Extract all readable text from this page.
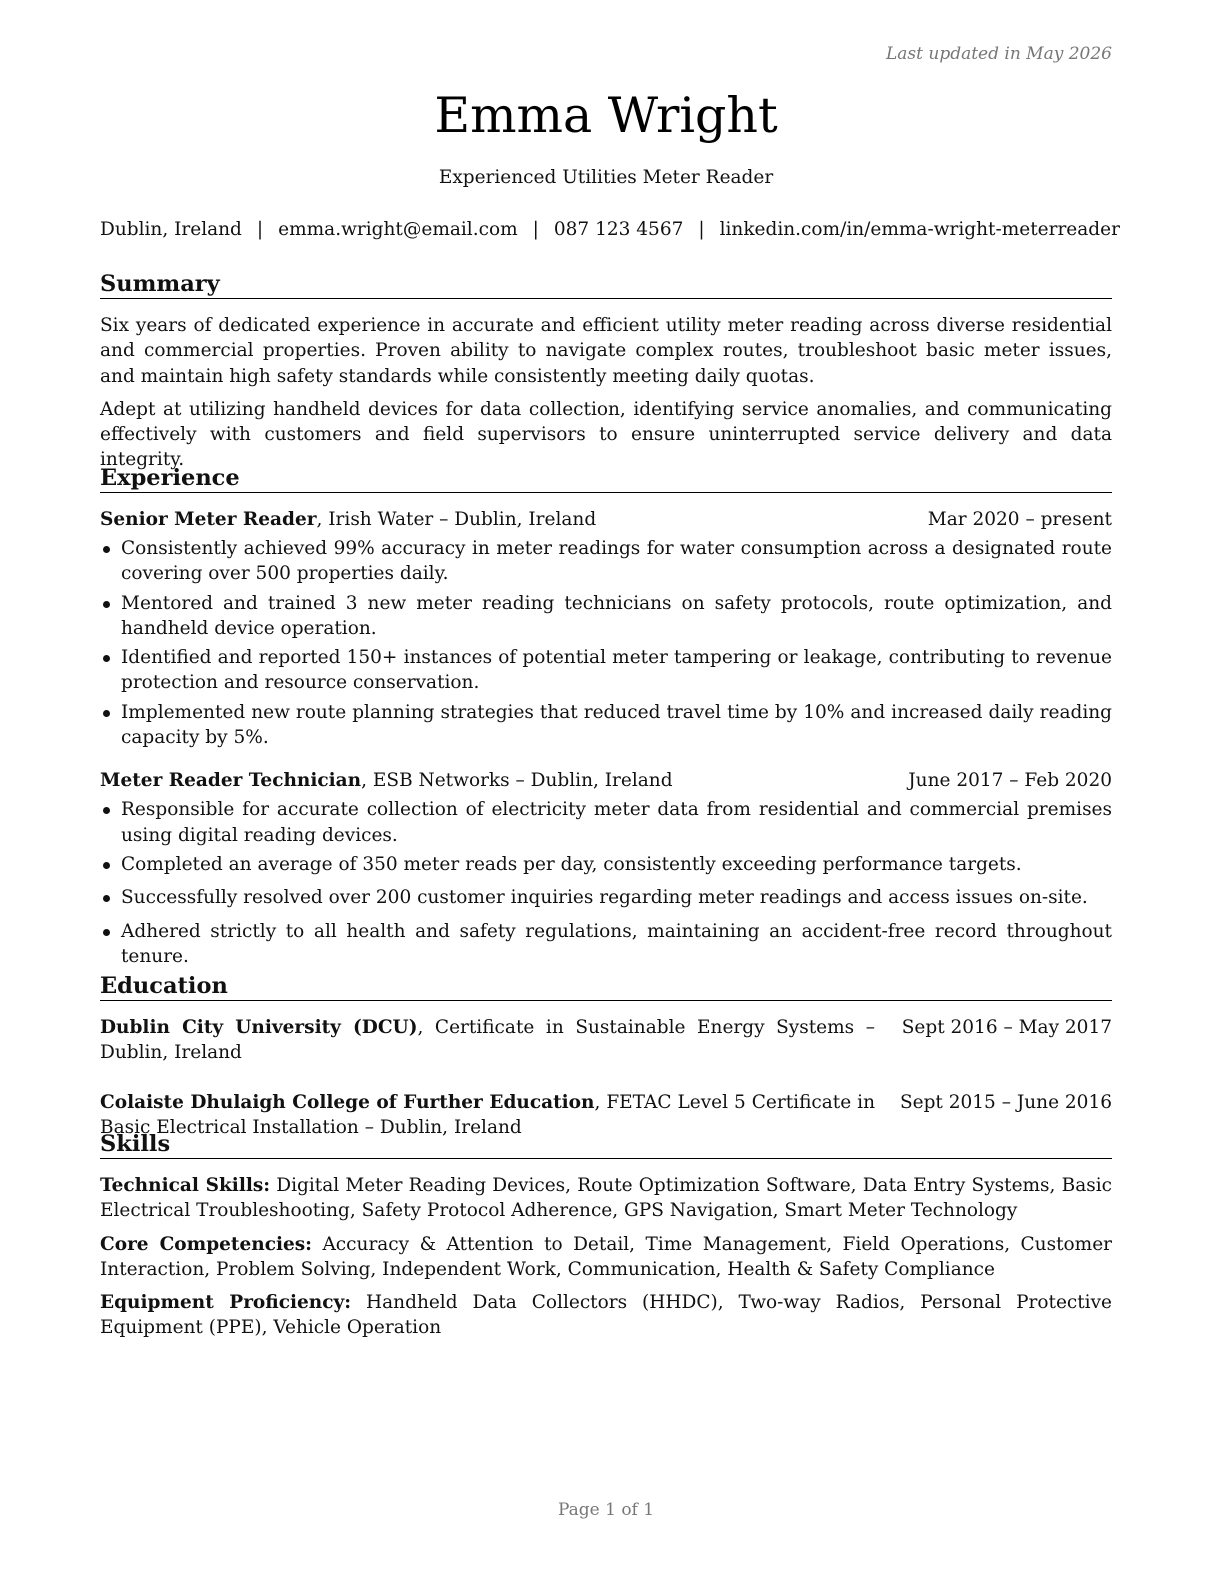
Last updated in May 2026
Emma Wright
Experienced Utilities Meter Reader
Dublin, Ireland | emma.wright@email.com | 087 123 4567 | linkedin.com/in/emma-wright-meterreader
Summary

Six years of dedicated experience in accurate and efficient utility meter reading across diverse residential and commercial properties. Proven ability to navigate complex routes, troubleshoot basic meter issues, and maintain high safety standards while consistently meeting daily quotas.

Adept at utilizing handheld devices for data collection, identifying service anomalies, and communicating effectively with customers and field supervisors to ensure uninterrupted service delivery and data integrity.

Experience
Senior Meter Reader, Irish Water – Dublin, Ireland	Mar 2020 – present
Consistently achieved 99% accuracy in meter readings for water consumption across a designated route covering over 500 properties daily.
Mentored and trained 3 new meter reading technicians on safety protocols, route optimization, and handheld device operation.
Identified and reported 150+ instances of potential meter tampering or leakage, contributing to revenue protection and resource conservation.
Implemented new route planning strategies that reduced travel time by 10% and increased daily reading capacity by 5%.
Meter Reader Technician, ESB Networks – Dublin, Ireland	June 2017 – Feb 2020
Responsible for accurate collection of electricity meter data from residential and commercial premises using digital reading devices.
Completed an average of 350 meter reads per day, consistently exceeding performance targets.
Successfully resolved over 200 customer inquiries regarding meter readings and access issues on-site.
Adhered strictly to all health and safety regulations, maintaining an accident-free record throughout tenure.
Education
Dublin City University (DCU), Certificate in Sustainable Energy Systems – Dublin, Ireland
Sept 2016 – May 2017
Colaiste Dhulaigh College of Further Education, FETAC Level 5 Certificate in Basic Electrical Installation – Dublin, Ireland
Sept 2015 – June 2016
Skills

Technical Skills: Digital Meter Reading Devices, Route Optimization Software, Data Entry Systems, Basic Electrical Troubleshooting, Safety Protocol Adherence, GPS Navigation, Smart Meter Technology

Core Competencies: Accuracy & Attention to Detail, Time Management, Field Operations, Customer Interaction, Problem Solving, Independent Work, Communication, Health & Safety Compliance

Equipment Proficiency: Handheld Data Collectors (HHDC), Two-way Radios, Personal Protective Equipment (PPE), Vehicle Operation

Page 1 of 1
